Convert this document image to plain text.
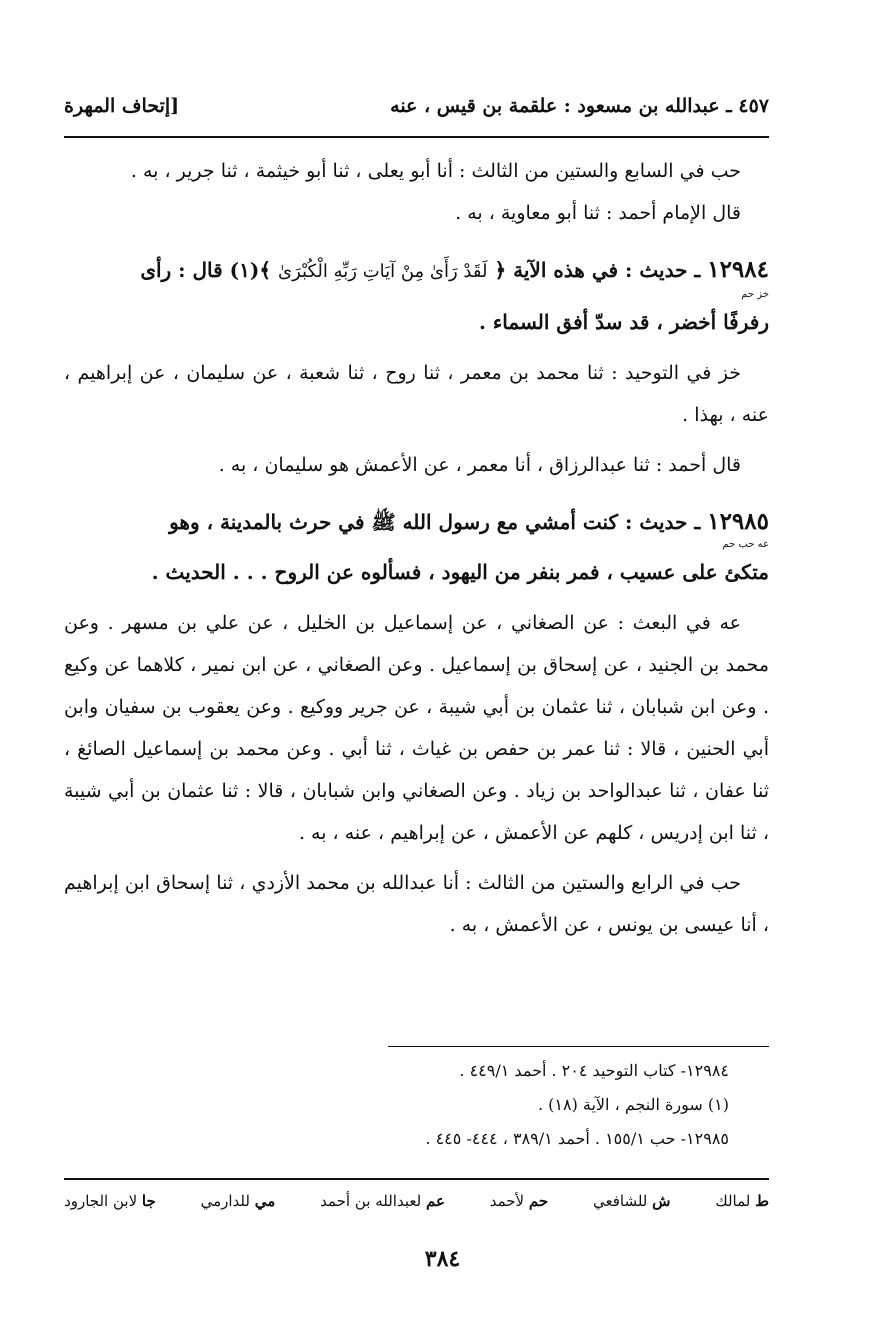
٤٥٧ ـ عبدالله بن مسعود : علقمة بن قيس ، عنه
[إتحاف المهرة

حب في السابع والستين من الثالث : أنا أبو يعلى ، ثنا أبو خيثمة ، ثنا جرير ، به .

قال الإمام أحمد : ثنا أبو معاوية ، به .

١٢٩٨٤ ـ حديث : في هذه الآية ﴿ لَقَدْ رَأَىٰ مِنْ آيَاتِ رَبِّهِ الْكُبْرَىٰ ﴾(١) قال : رأى
خز حم
رفرفًا أخضر ، قد سدّ أفق السماء .

خز في التوحيد : ثنا محمد بن معمر ، ثنا روح ، ثنا شعبة ، عن سليمان ، عن إبراهيم ، عنه ، بهذا .

قال أحمد : ثنا عبدالرزاق ، أنا معمر ، عن الأعمش هو سليمان ، به .

١٢٩٨٥ ـ حديث : كنت أمشي مع رسول الله ﷺ في حرث بالمدينة ، وهو
عه حب حم
متكئ على عسيب ، فمر بنفر من اليهود ، فسألوه عن الروح . . . الحديث .

عه في البعث : عن الصغاني ، عن إسماعيل بن الخليل ، عن علي بن مسهر . وعن محمد بن الجنيد ، عن إسحاق بن إسماعيل . وعن الصغاني ، عن ابن نمير ، كلاهما عن وكيع . وعن ابن شبابان ، ثنا عثمان بن أبي شيبة ، عن جرير ووكيع . وعن يعقوب بن سفيان وابن أبي الحنين ، قالا : ثنا عمر بن حفص بن غياث ، ثنا أبي . وعن محمد بن إسماعيل الصائغ ، ثنا عفان ، ثنا عبدالواحد بن زياد . وعن الصغاني وابن شبابان ، قالا : ثنا عثمان بن أبي شيبة ، ثنا ابن إدريس ، كلهم عن الأعمش ، عن إبراهيم ، عنه ، به .

حب في الرابع والستين من الثالث : أنا عبدالله بن محمد الأزدي ، ثنا إسحاق ابن إبراهيم ، أنا عيسى بن يونس ، عن الأعمش ، به .

١٢٩٨٤- كتاب التوحيد ٢٠٤ . أحمد ٤٤٩/١ .

(١) سورة النجم ، الآية (١٨) .

١٢٩٨٥- حب ١٥٥/١ . أحمد ٣٨٩/١ ، ٤٤٤- ٤٤٥ .

ط لمالك
ش للشافعي
حم لأحمد
عم لعبدالله بن أحمد
مي للدارمي
جا لابن الجارود
٣٨٤
